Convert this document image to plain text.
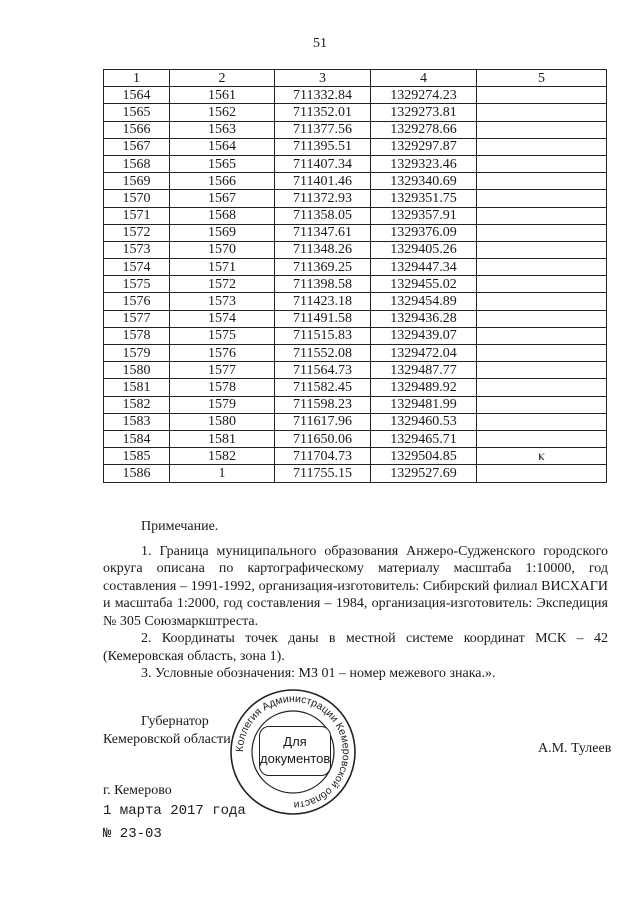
51
1	2	3	4	5
1564	1561	711332.84	1329274.23	
1565	1562	711352.01	1329273.81	
1566	1563	711377.56	1329278.66	
1567	1564	711395.51	1329297.87	
1568	1565	711407.34	1329323.46	
1569	1566	711401.46	1329340.69	
1570	1567	711372.93	1329351.75	
1571	1568	711358.05	1329357.91	
1572	1569	711347.61	1329376.09	
1573	1570	711348.26	1329405.26	
1574	1571	711369.25	1329447.34	
1575	1572	711398.58	1329455.02	
1576	1573	711423.18	1329454.89	
1577	1574	711491.58	1329436.28	
1578	1575	711515.83	1329439.07	
1579	1576	711552.08	1329472.04	
1580	1577	711564.73	1329487.77	
1581	1578	711582.45	1329489.92	
1582	1579	711598.23	1329481.99	
1583	1580	711617.96	1329460.53	
1584	1581	711650.06	1329465.71	
1585	1582	711704.73	1329504.85	ⲕ
1586	1	711755.15	1329527.69	

Примечание.

1. Граница муниципального образования Анжеро-Судженского городского округа описана по картографическому материалу масштаба 1:10000, год составления – 1991-1992, организация-изготовитель: Сибирский филиал ВИСХАГИ и масштаба 1:2000, год составления – 1984, организация-изготовитель: Экспедиция № 305 Союзмаркштреста.

2. Координаты точек даны в местной системе координат МСК – 42 (Кемеровская область, зона 1).

3. Условные обозначения: МЗ 01 – номер межевого знака.».

Губернатор
Кемеровской области
А.М. Тулеев
Коллегия Администрации Кемеровской области
Для
документов
г. Кемерово
1 марта 2017 года
№ 23-03
